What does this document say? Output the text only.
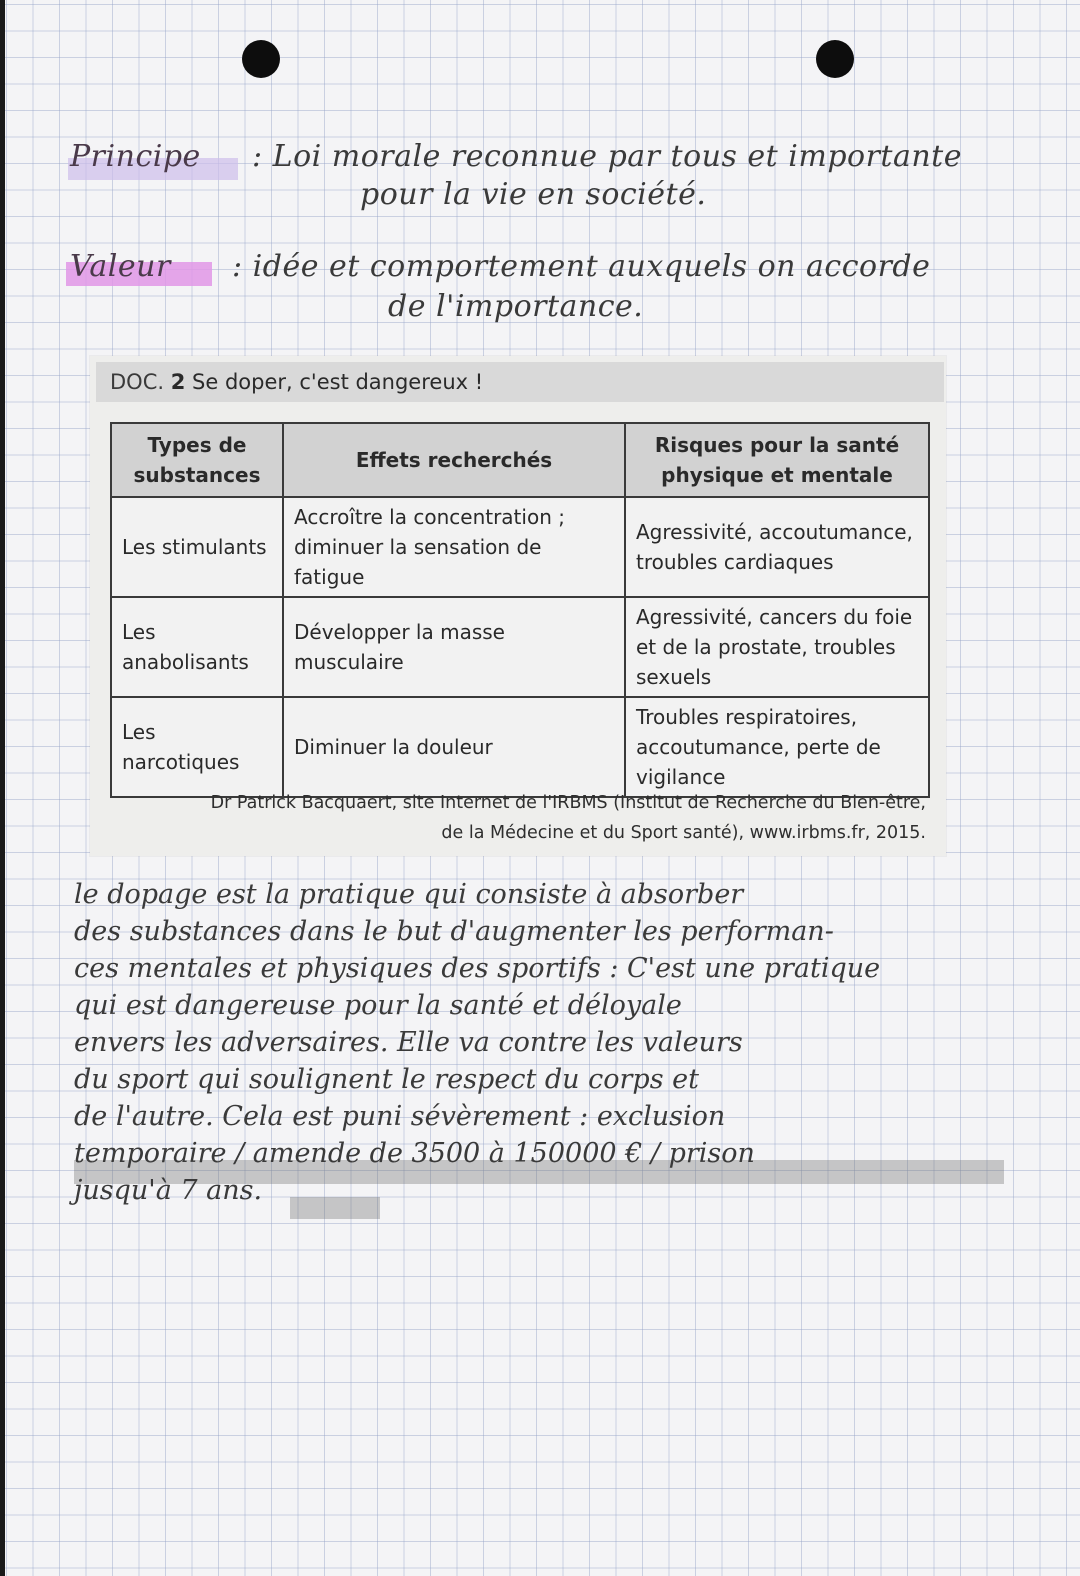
Principe : Loi morale reconnue par tous et importante
pour la vie en société.
Valeur : idée et comportement auxquels on accorde
de l'importance.
DOC. 2 Se doper, c'est dangereux !
Types de substances	Effets recherchés	Risques pour la santé physique et mentale
Les stimulants	Accroître la concentration ; diminuer la sensation de fatigue	Agressivité, accoutumance, troubles cardiaques
Les anabolisants	Développer la masse musculaire	Agressivité, cancers du foie et de la prostate, troubles sexuels
Les narcotiques	Diminuer la douleur	Troubles respiratoires, accoutumance, perte de vigilance
Dr Patrick Bacquaert, site Internet de l'IRBMS (Institut de Recherche du Bien-être,
de la Médecine et du Sport santé), www.irbms.fr, 2015.
le dopage est la pratique qui consiste à absorber
des substances dans le but d'augmenter les performan-
ces mentales et physiques des sportifs : C'est une pratique
qui est dangereuse pour la santé et déloyale
envers les adversaires. Elle va contre les valeurs
du sport qui soulignent le respect du corps et
de l'autre. Cela est puni sévèrement : exclusion
temporaire / amende de 3500 à 150000 € / prison
jusqu'à 7 ans.
